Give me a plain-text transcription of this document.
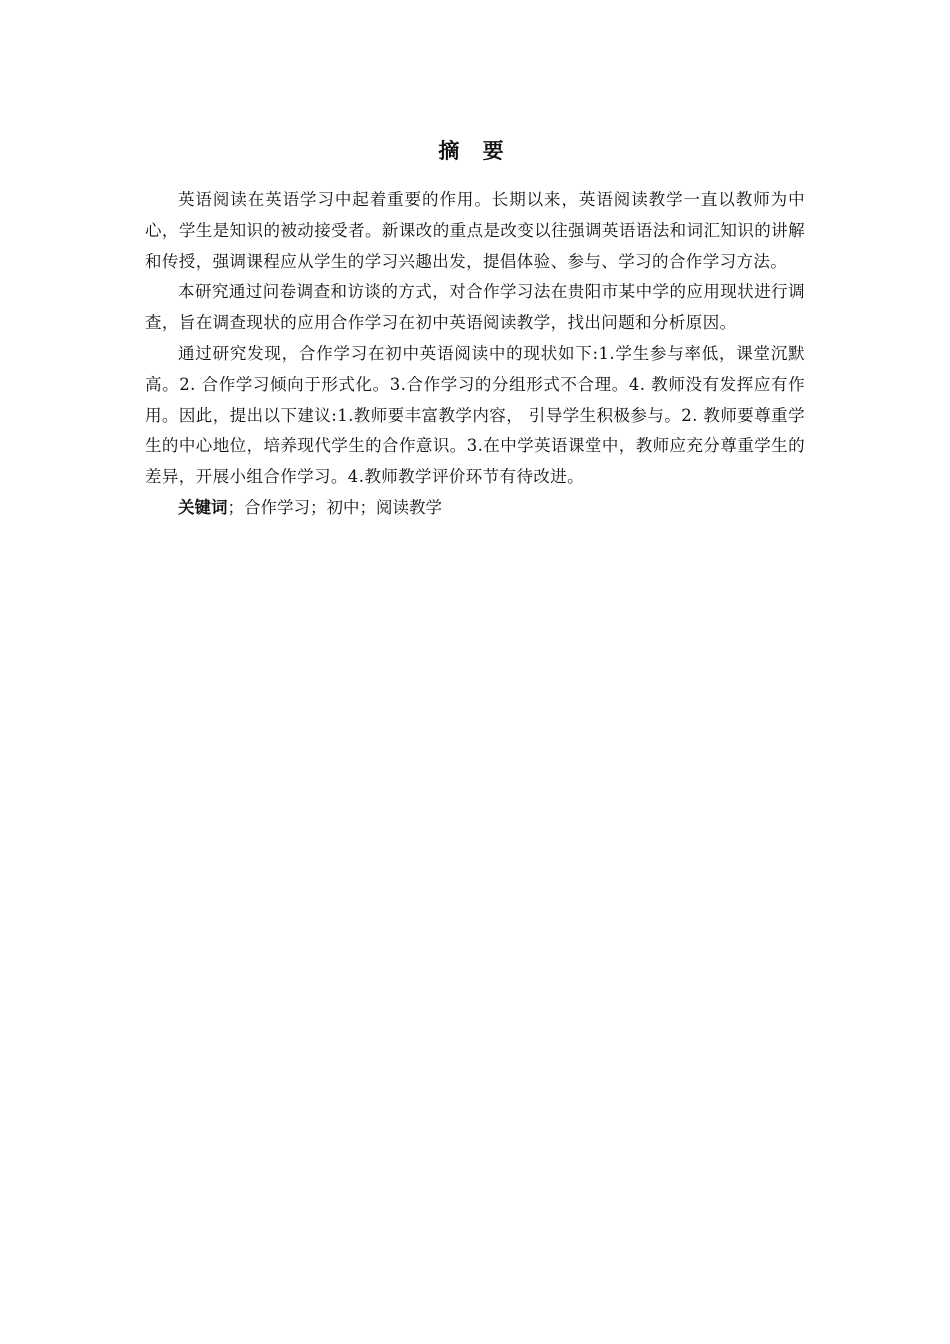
摘 要

英语阅读在英语学习中起着重要的作用。长期以来，英语阅读教学一直以教师为中心，学生是知识的被动接受者。新课改的重点是改变以往强调英语语法和词汇知识的讲解和传授，强调课程应从学生的学习兴趣出发，提倡体验、参与、学习的合作学习方法。

本研究通过问卷调查和访谈的方式，对合作学习法在贵阳市某中学的应用现状进行调查，旨在调查现状的应用合作学习在初中英语阅读教学，找出问题和分析原因。

通过研究发现，合作学习在初中英语阅读中的现状如下:1.学生参与率低，课堂沉默高。2. 合作学习倾向于形式化。3.合作学习的分组形式不合理。4. 教师没有发挥应有作用。因此，提出以下建议:1.教师要丰富教学内容， 引导学生积极参与。2. 教师要尊重学生的中心地位，培养现代学生的合作意识。3.在中学英语课堂中，教师应充分尊重学生的差异，开展小组合作学习。4.教师教学评价环节有待改进。

关键词；合作学习；初中；阅读教学
